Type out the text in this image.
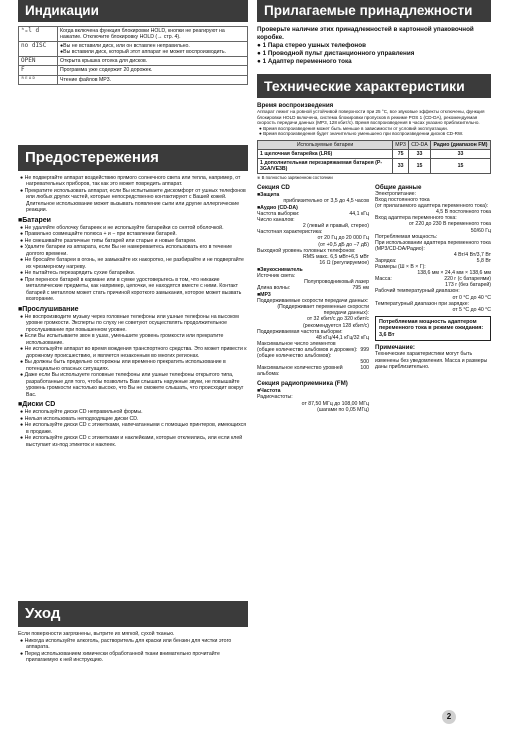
Индикации
ʰₒl d	Когда включена функция блокировки HOLD, кнопки не реагируют на нажатие. Отключите блокировку HOLD (→ стр. 4).
no dISC	●Вы не вставили диск, или он вставлен неправильно.
●Вы вставили диск, который этот аппарат не может воспроизводить.
OPEN	Открыта крышка отсека для дисков.
F	Программа уже содержит 20 дорожек.
ᴿᴱᴬᴰ	Чтение файлов MP3.
Предостережения

● Не подвергайте аппарат воздействию прямого солнечного света или тепла, например, от нагревательных приборов, так как это может повредить аппарат.

● Прекратите использовать аппарат, если Вы испытываете дискомфорт от ушных телефонов или любых других частей, которые непосредственно контактируют с Вашей кожей. Длительное использование может вызывать появление сыпи или другие аллергические реакции.

■Батареи

● Не удаляйте оболочку батареек и не используйте батарейки со снятой оболочкой.

● Правильно совмещайте полюса + и − при вставлении батарей.

● Не смешивайте различные типы батарей или старые и новые батареи.

● Удалите батареи из аппарата, если Вы не намереваетесь использовать его в течение долгого времени.

● Не бросайте батареи в огонь, не замыкайте их накоротко, не разбирайте и не подвергайте их чрезмерному нагреву.

● Не пытайтесь перезарядить сухие батарейки.

● При переносе батарей в кармане или в сумке удостоверьтесь в том, что никакие металлические предметы, как например, цепочки, не находятся вместе с ними. Контакт батарей с металлом может стать причиной короткого замыкания, которое может вызвать возгорание.

■Прослушивание

● Не воспроизводите музыку через головные телефоны или ушные телефоны на высоком уровне громкости. Эксперты по слуху не советуют осуществлять продолжительное прослушивание при повышенном уровне.

● Если Вы испытываете звон в ушах, уменьшите уровень громкости или прекратите использование.

● Не используйте аппарат во время вождения транспортного средства. Это может привести к дорожному происшествию, и является незаконным во многих регионах.

● Вы должны быть предельно осторожны или временно прекратить использование в потенциально опасных ситуациях.

● Даже если Вы используете головные телефоны или ушные телефоны открытого типа, разработанные для того, чтобы позволить Вам слышать наружные звуки, не повышайте уровень громкости настолько высоко, что Вы не сможете слышать, что происходит вокруг Вас.

■Диски CD

● Не используйте диски CD неправильной формы.

● Нельзя использовать неподходящие диски CD.

● Не используйте диски CD с этикетками, напечатанными с помощью принтеров, имеющихся в продаже.

● Не используйте диски CD с этикетками и наклейками, которые отклеились, или если клей выступает из-под этикеток и наклеек.

Уход

Если поверхности загрязнены, вытрите их мягкой, сухой тканью.

● Никогда используйте алкоголь, растворитель для краски или бензин для чистки этого аппарата.

● Перед использованием химически обработанной ткани внимательно прочитайте прилагаемую к ней инструкцию.

Прилагаемые принадлежности

Проверьте наличие этих принадлежностей в картонной упаковочной коробке.

● 1 Пара стерео ушных телефонов

● 1 Проводной пульт дистанционного управления

● 1 Адаптер переменного тока

Технические характеристики
Время воспроизведения

Аппарат лежит на ровной устойчивой поверхности при 25 °C, все звуковые эффекты отключены, функция блокировки HOLD включена, система блокировки пропусков в режиме POS 1 (CD-DA), рекомендуемая скорость передачи данных (MP3, 128 кбит/с). Время воспроизведения в часах указано приблизительно.

● Время воспроизведения может быть меньше в зависимости от условий эксплуатации.

● Время воспроизведения будет значительно уменьшено при воспроизведении дисков CD-RW.

Используемые батареи	MP3	CD-DA	Радио (диапазон FM)
1 щелочная батарейка (LR6)	75	33	33
1 дополнительная перезаряжаемая батарея (P-3GA/VE3B)	33	15	15

※ В полностью заряженном состоянии

Секция CD
■Защита
приблизительно от 3,5 до 4,5 часов
■Аудио (CD-DA)
Частота выборки:	44,1 кГц
Число каналов:
2 (левый и правый, стерео)
Частотная характеристика:
от 20 Гц до 20 000 Гц
(от +0,5 дБ до −7 дБ)
Выходной уровень головных телефонов:
RMS макс. 6,5 мВт+6,5 мВт
16 Ω (регулируемое)
■Звукосниматель
Источник света:
Полупроводниковый лазер
Длина волны:	795 нм
■MP3
Поддерживаемые скорости передачи данных:
(Поддерживает переменные скорости передачи данных):
от 32 кбит/с до 320 кбит/с
(рекомендуется 128 кбит/с)
Поддерживаемая частота выборки:
48 кГц/44,1 кГц/32 кГц
Максимальное число элементов
(общее количество альбомов и дорожек): 999
(общее количество альбомов):
500
Максимальное количество уровней альбома:
100
Секция радиоприемника (FM)
■Частота
Радиочастоты:
от 87,50 МГц до 108,00 МГц
(шагами по 0,05 МГц)
Общие данные
Электропитание:
Вход постоянного тока
(от прилагаемого адаптера переменного тока):
4,5 В постоянного тока
Вход адаптера переменного тока:
от 220 до 230 В переменного тока
50/60 Гц
Потребляемая мощность:
При использовании адаптера переменного тока
(MP3/CD-DA/Радио):
4 Вт/4 Вт/3,7 Вт
Зарядка:	5,8 Вт
Размеры (Ш × В × Г):
138,6 мм × 24,4 мм × 138,6 мм
Масса:	220 г (с батареями)
173 г (без батарей)
Рабочий температурный диапазон:
от 0 °C до 40 °C
Температурный диапазон при зарядке:
от 5 °C до 40 °C
Потребляемая мощность адаптером переменного тока в режиме ожидания: 3,6 Вт
Примечание:

Технические характеристики могут быть изменены без уведомления. Масса и размеры даны приблизительно.

2
